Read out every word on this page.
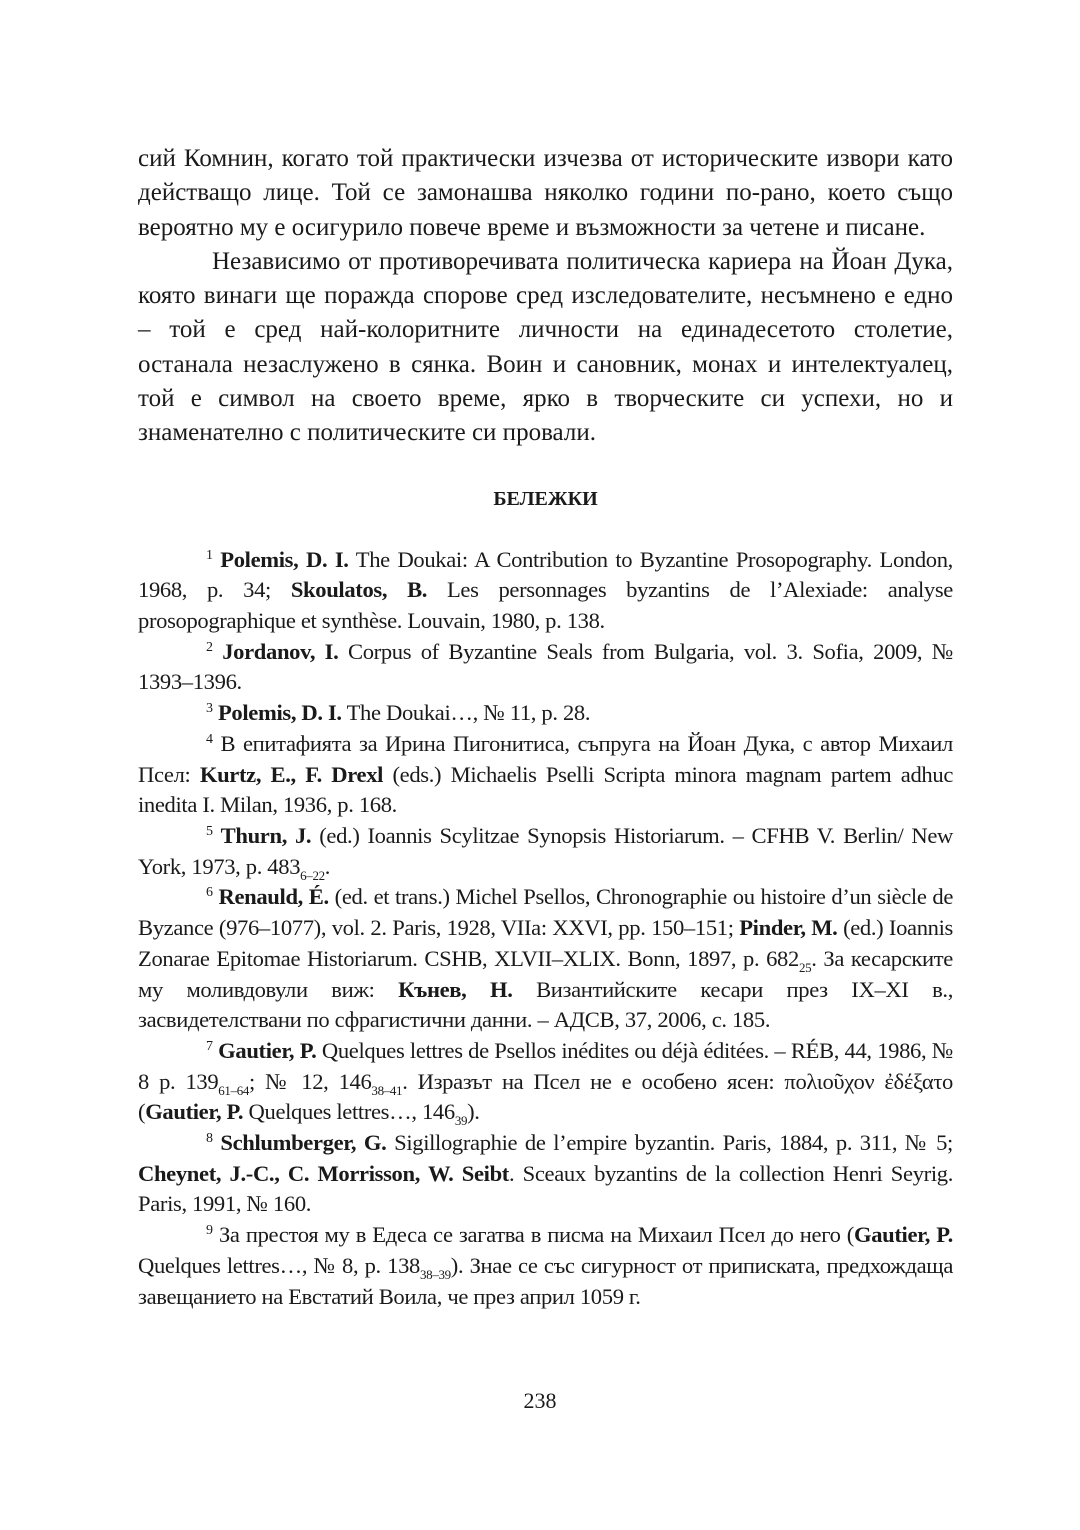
сий Комнин, когато той практически изчезва от историческите извори като действащо лице. Той се замонашва няколко години по-рано, което също вероятно му е осигурило повече време и възможности за четене и писане.

Независимо от противоречивата политическа кариера на Йоан Дука, която винаги ще поражда спорове сред изследователите, несъмнено е едно – той е сред най-колоритните личности на единадесетото столетие, останала незаслужено в сянка. Воин и сановник, монах и интелектуалец, той е символ на своето време, ярко в творческите си успехи, но и знаменателно с политическите си провали.

БЕЛЕЖКИ

$^1$ Polemis, D. I. The Doukai: A Contribution to Byzantine Prosopography. London, 1968, p. 34; Skoulatos, B. Les personnages byzantins de l’Alexiade: analyse prosopographique et synthèse. Louvain, 1980, p. 138.

$^2$ Jordanov, I. Corpus of Byzantine Seals from Bulgaria, vol. 3. Sofia, 2009, № 1393–1396.

$^3$ Polemis, D. I. The Doukai…, № 11, p. 28.

$^4$ В епитафията за Ирина Пигонитиса, съпруга на Йоан Дука, с автор Михаил Псел: Kurtz, E., F. Drexl (eds.) Michaelis Pselli Scripta minora magnam partem adhuc inedita I. Milan, 1936, p. 168.

$^5$ Thurn, J. (ed.) Ioannis Scylitzae Synopsis Historiarum. – CFHB V. Berlin/ New York, 1973, p. $483_{6-22}$.

$^6$ Renauld, É. (ed. et trans.) Michel Psellos, Chronographie ou histoire d’un siècle de Byzance (976–1077), vol. 2. Paris, 1928, VIIa: XXVI, pp. 150–151; Pinder, M. (ed.) Ioannis Zonarae Epitomae Historiarum. CSHB, XLVII–XLIX. Bonn, 1897, p. $682_{25}$. За кесарските му моливдовули виж: Кънев, Н. Византийските кесари през IX–XI в., засвидетелствани по сфрагистични данни. – АДСВ, 37, 2006, с. 185.

$^7$ Gautier, P. Quelques lettres de Psellos inédites ou déjà éditées. – RÉB, 44, 1986, № 8 p. $139_{61-64}$; № 12, $146_{38-41}$. Изразът на Псел не е особено ясен: πολιοῦχον ἐδέξατο (Gautier, P. Quelques lettres…, $146_{39}$).

$^8$ Schlumberger, G. Sigillographie de l’empire byzantin. Paris, 1884, p. 311, № 5; Cheynet, J.-C., C. Morrisson, W. Seibt. Sceaux byzantins de la collection Henri Seyrig. Paris, 1991, № 160.

$^9$ За престоя му в Едеса се загатва в писма на Михаил Псел до него (Gautier, P. Quelques lettres…, № 8, p. $138_{38-39}$). Знае се със сигурност от приписката, предхождаща завещанието на Евстатий Воила, че през април 1059 г.

238
